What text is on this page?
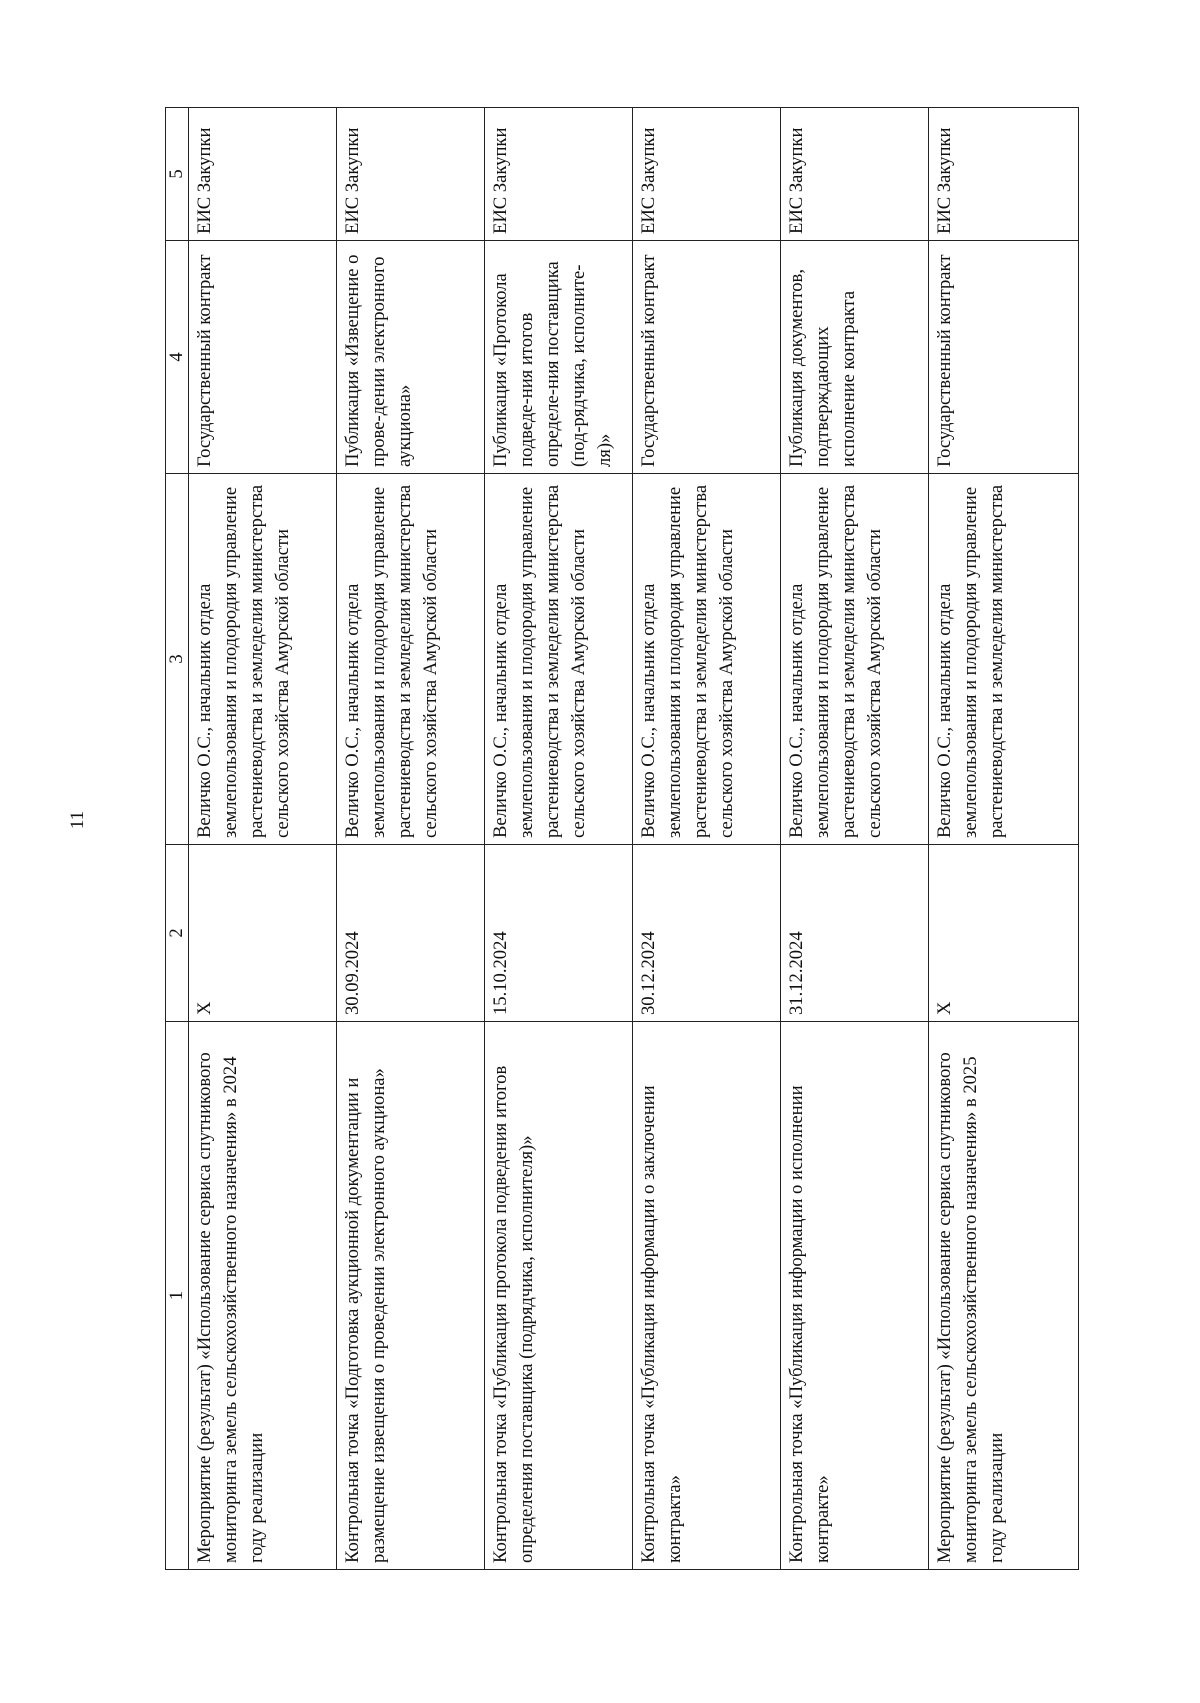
11
1	2	3	4	5
Мероприятие (результат) «Использование сервиса спутникового мониторинга земель сельскохозяйственного назначения» в 2024 году реализации	Х	Величко О.С., начальник отдела землепользования и плодородия управление растениеводства и земледелия министерства сельского хозяйства Амурской области	Государственный контракт	ЕИС Закупки
Контрольная точка «Подготовка аукционной документации и размещение извещения о проведении электронного аукциона»	30.09.2024	Величко О.С., начальник отдела землепользования и плодородия управление растениеводства и земледелия министерства сельского хозяйства Амурской области	Публикация «Извещение о прове-дении электронного аукциона»	ЕИС Закупки
Контрольная точка «Публикация протокола подведения итогов определения поставщика (подрядчика, исполнителя)»	15.10.2024	Величко О.С., начальник отдела землепользования и плодородия управление растениеводства и земледелия министерства сельского хозяйства Амурской области	Публикация «Протокола подведе-ния итогов определе-ния поставщика (под-рядчика, исполните-ля)»	ЕИС Закупки
Контрольная точка «Публикация информации о заключении контракта»	30.12.2024	Величко О.С., начальник отдела землепользования и плодородия управление растениеводства и земледелия министерства сельского хозяйства Амурской области	Государственный контракт	ЕИС Закупки
Контрольная точка «Публикация информации о исполнении контракте»	31.12.2024	Величко О.С., начальник отдела землепользования и плодородия управление растениеводства и земледелия министерства сельского хозяйства Амурской области	Публикация документов, подтверждающих исполнение контракта	ЕИС Закупки
Мероприятие (результат) «Использование сервиса спутникового мониторинга земель сельскохозяйственного назначения» в 2025 году реализации	Х	Величко О.С., начальник отдела землепользования и плодородия управление растениеводства и земледелия министерства	Государственный контракт	ЕИС Закупки
